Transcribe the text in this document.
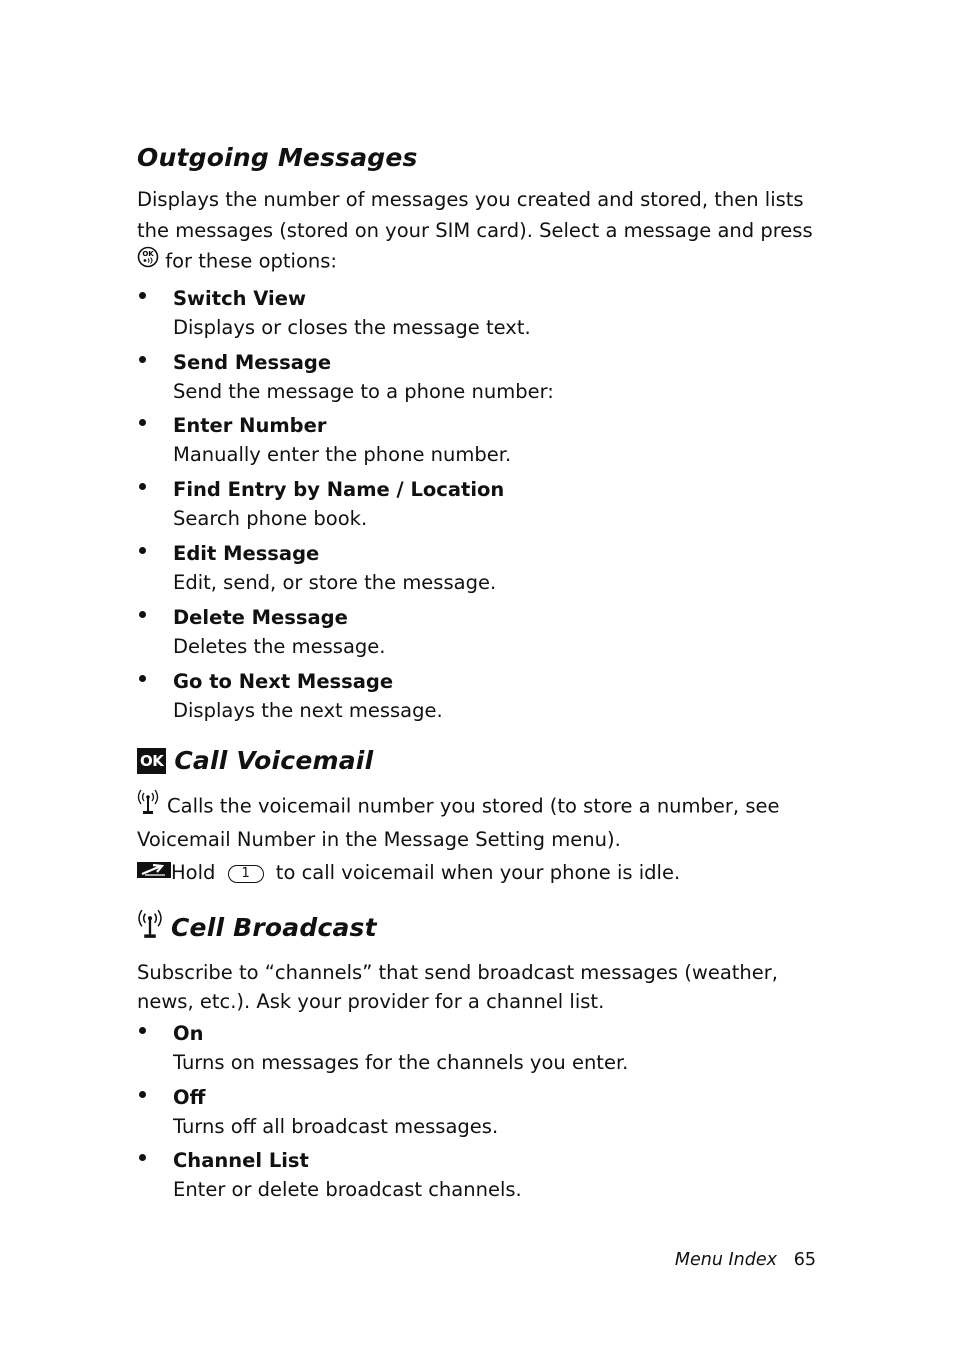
Outgoing Messages

Displays the number of messages you created and stored, then lists the messages (stored on your SIM card). Select a message and press
OK for these options:

Switch View
Displays or closes the message text.
Send Message
Send the message to a phone number:
Enter Number
Manually enter the phone number.
Find Entry by Name / Location
Search phone book.
Edit Message
Edit, send, or store the message.
Delete Message
Deletes the message.
Go to Next Message
Displays the next message.
OK Call Voicemail

Calls the voicemail number you stored (to store a number, see Voicemail Number in the Message Setting menu).

Hold 1 to call voicemail when your phone is idle.

Cell Broadcast

Subscribe to “channels” that send broadcast messages (weather, news, etc.). Ask your provider for a channel list.

On
Turns on messages for the channels you enter.
Off
Turns off all broadcast messages.
Channel List
Enter or delete broadcast channels.
Menu Index 65
